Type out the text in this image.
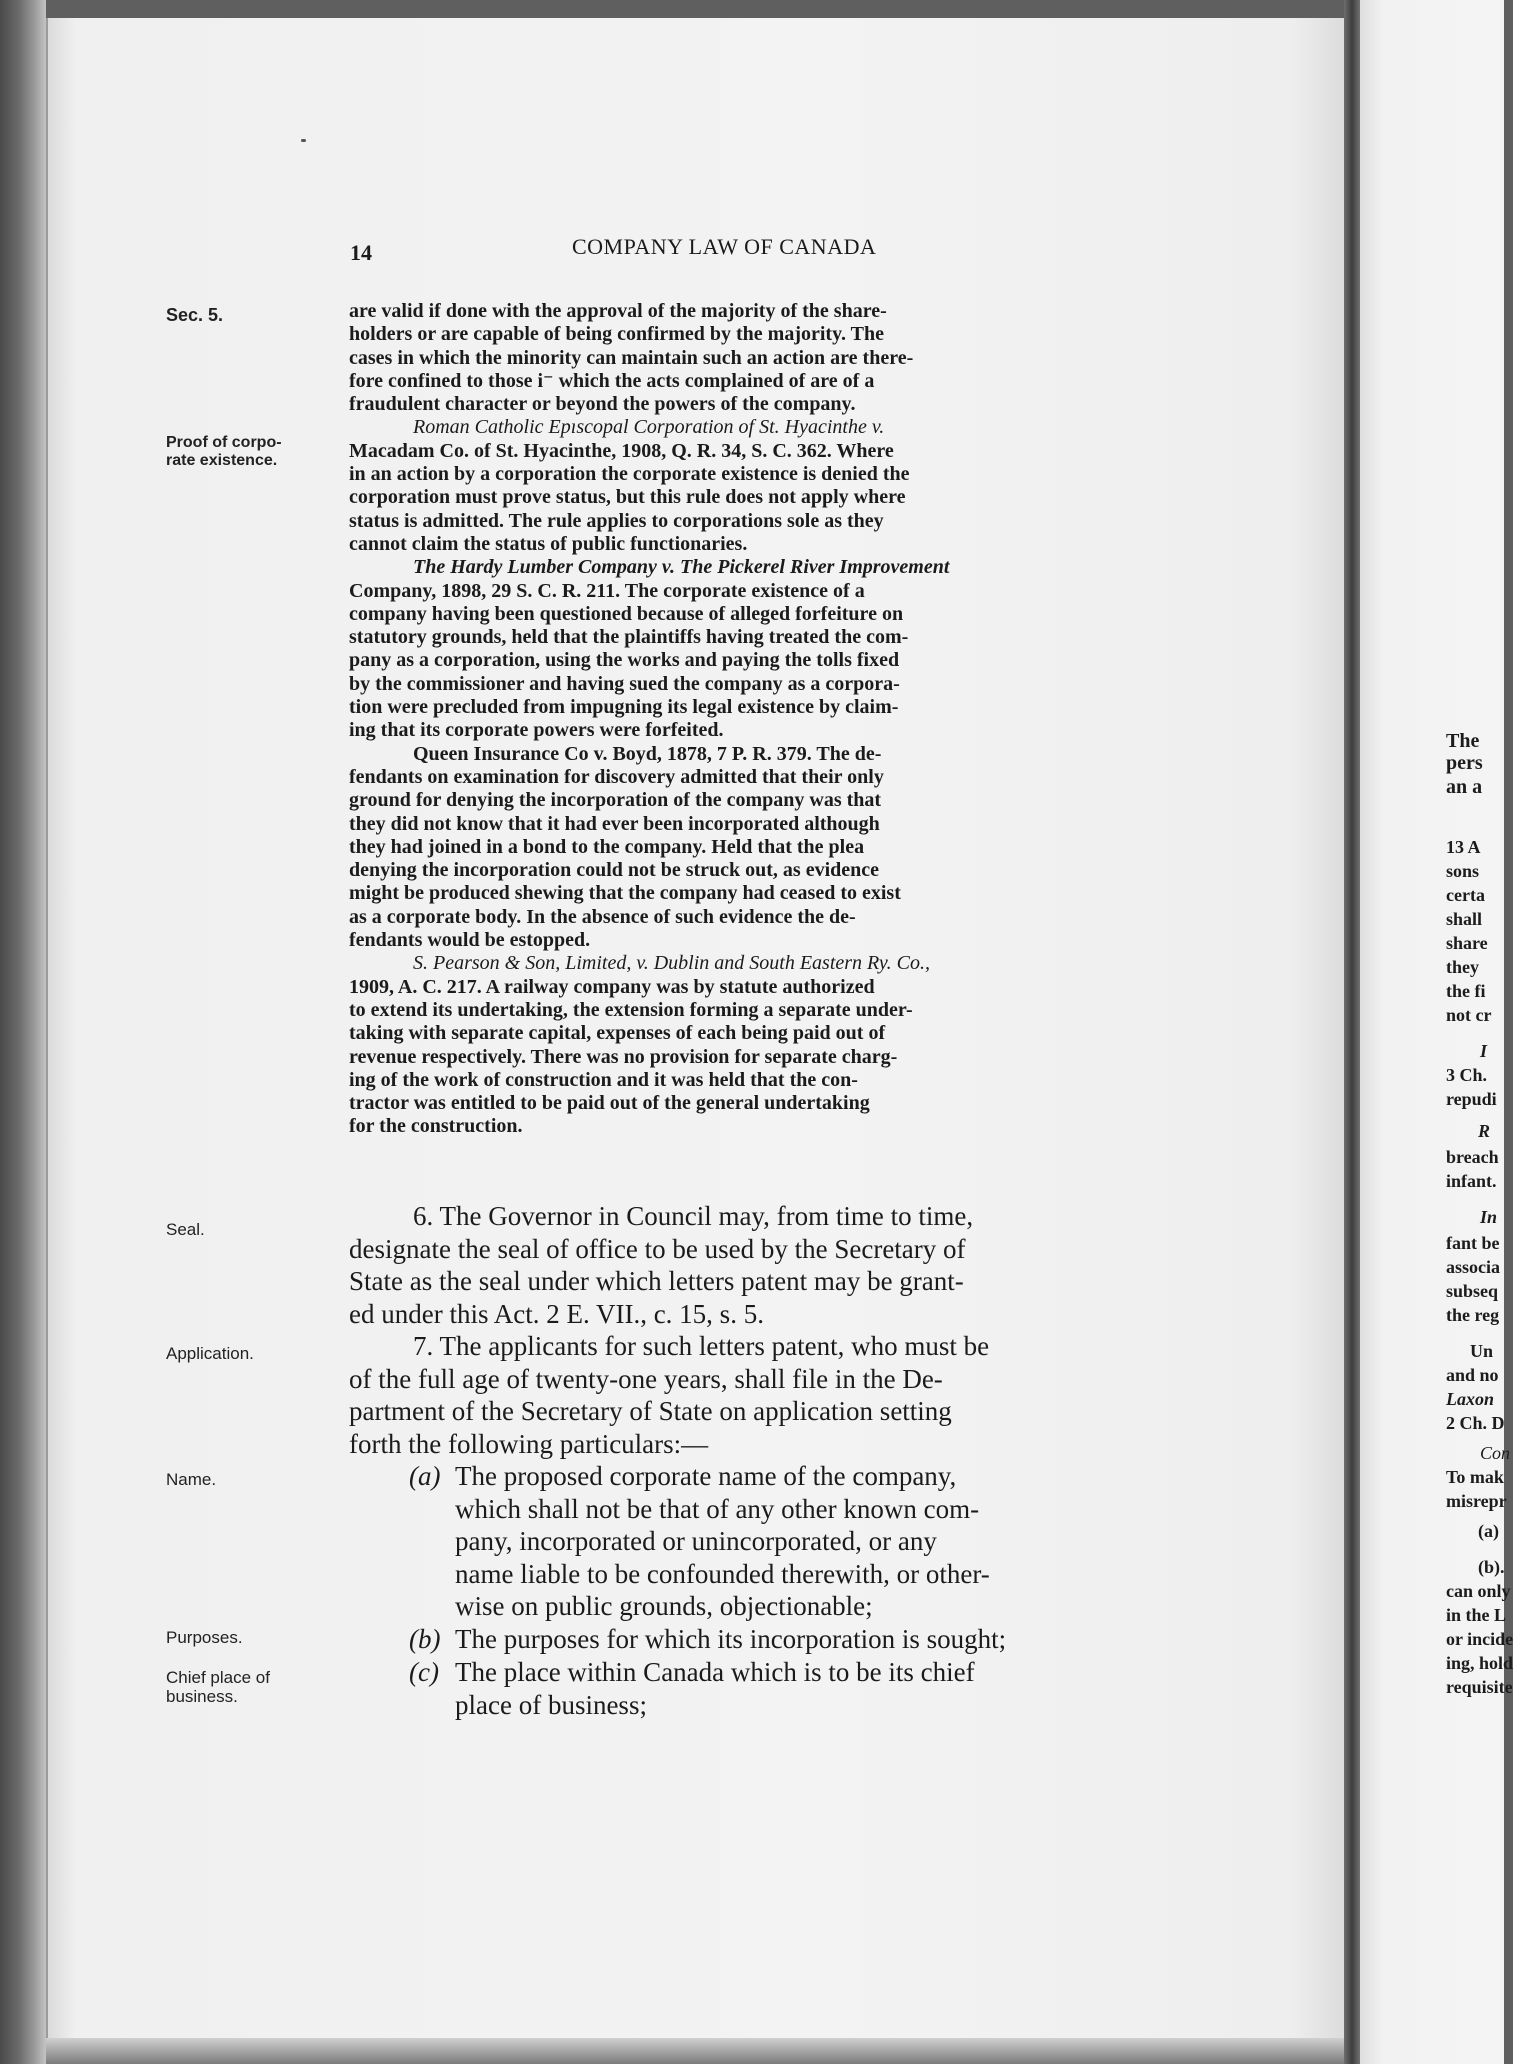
14	COMPANY LAW OF CANADA
Sec. 5.
Proof of corpo-
rate existence.
Seal.
Application.
Name.
Purposes.
Chief place of
business.
are valid if done with the approval of the majority of the share-
holders or are capable of being confirmed by the majority. The
cases in which the minority can maintain such an action are there-
fore confined to those i⁻ which the acts complained of are of a
fraudulent character or beyond the powers of the company.
Roman Catholic Epıscopal Corporation of St. Hyacinthe v.
Macadam Co. of St. Hyacinthe, 1908, Q. R. 34, S. C. 362. Where
in an action by a corporation the corporate existence is denied the
corporation must prove status, but this rule does not apply where
status is admitted. The rule applies to corporations sole as they
cannot claim the status of public functionaries.
The Hardy Lumber Company v. The Pickerel River Improvement
Company, 1898, 29 S. C. R. 211. The corporate existence of a
company having been questioned because of alleged forfeiture on
statutory grounds, held that the plaintiffs having treated the com-
pany as a corporation, using the works and paying the tolls fixed
by the commissioner and having sued the company as a corpora-
tion were precluded from impugning its legal existence by claim-
ing that its corporate powers were forfeited.
Queen Insurance Co v. Boyd, 1878, 7 P. R. 379. The de-
fendants on examination for discovery admitted that their only
ground for denying the incorporation of the company was that
they did not know that it had ever been incorporated although
they had joined in a bond to the company. Held that the plea
denying the incorporation could not be struck out, as evidence
might be produced shewing that the company had ceased to exist
as a corporate body. In the absence of such evidence the de-
fendants would be estopped.
S. Pearson & Son, Limited, v. Dublin and South Eastern Ry. Co.,
1909, A. C. 217. A railway company was by statute authorized
to extend its undertaking, the extension forming a separate under-
taking with separate capital, expenses of each being paid out of
revenue respectively. There was no provision for separate charg-
ing of the work of construction and it was held that the con-
tractor was entitled to be paid out of the general undertaking
for the construction.
6. The Governor in Council may, from time to time,
designate the seal of office to be used by the Secretary of
State as the seal under which letters patent may be grant-
ed under this Act. 2 E. VII., c. 15, s. 5.
7. The applicants for such letters patent, who must be
of the full age of twenty-one years, shall file in the De-
partment of the Secretary of State on application setting
forth the following particulars:—
(a) The proposed corporate name of the company,
which shall not be that of any other known com-
pany, incorporated or unincorporated, or any
name liable to be confounded therewith, or other-
wise on public grounds, objectionable;
(b) The purposes for which its incorporation is sought;
(c) The place within Canada which is to be its chief
place of business;
The
pers
an a
13 A
sons
certa
shall
share
they
the fi
not cr
I
3 Ch.
repudi
R
breach
infant.
In
fant be
associa
subseq
the reg
Un
and no
Laxon
2 Ch. D
Con
To mak
misrepr
(a)
(b).
can only
in the L
or incide
ing, hold
requisite
